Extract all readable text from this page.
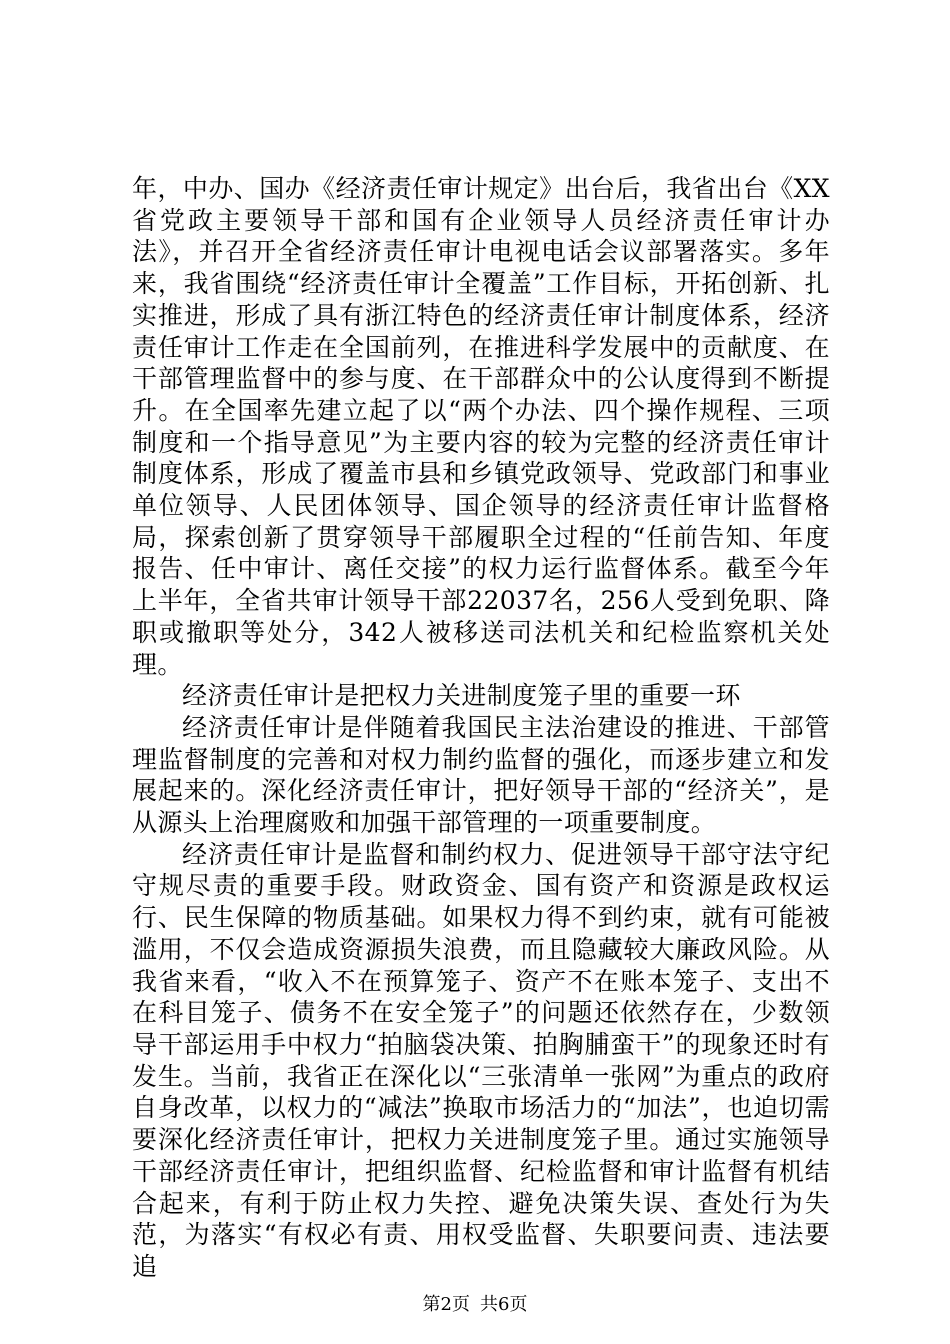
年，中办、国办《经济责任审计规定》出台后，我省出台《XX省党政主要领导干部和国有企业领导人员经济责任审计办法》，并召开全省经济责任审计电视电话会议部署落实。多年来，我省围绕“经济责任审计全覆盖”工作目标，开拓创新、扎实推进，形成了具有浙江特色的经济责任审计制度体系，经济责任审计工作走在全国前列，在推进科学发展中的贡献度、在干部管理监督中的参与度、在干部群众中的公认度得到不断提升。在全国率先建立起了以“两个办法、四个操作规程、三项制度和一个指导意见”为主要内容的较为完整的经济责任审计制度体系，形成了覆盖市县和乡镇党政领导、党政部门和事业单位领导、人民团体领导、国企领导的经济责任审计监督格局，探索创新了贯穿领导干部履职全过程的“任前告知、年度报告、任中审计、离任交接”的权力运行监督体系。截至今年上半年，全省共审计领导干部22037名，256人受到免职、降职或撤职等处分，342人被移送司法机关和纪检监察机关处理。

经济责任审计是把权力关进制度笼子里的重要一环

经济责任审计是伴随着我国民主法治建设的推进、干部管理监督制度的完善和对权力制约监督的强化，而逐步建立和发展起来的。深化经济责任审计，把好领导干部的“经济关”，是从源头上治理腐败和加强干部管理的一项重要制度。

经济责任审计是监督和制约权力、促进领导干部守法守纪守规尽责的重要手段。财政资金、国有资产和资源是政权运行、民生保障的物质基础。如果权力得不到约束，就有可能被滥用，不仅会造成资源损失浪费，而且隐藏较大廉政风险。从我省来看，“收入不在预算笼子、资产不在账本笼子、支出不在科目笼子、债务不在安全笼子”的问题还依然存在，少数领导干部运用手中权力“拍脑袋决策、拍胸脯蛮干”的现象还时有发生。当前，我省正在深化以“三张清单一张网”为重点的政府自身改革，以权力的“减法”换取市场活力的“加法”，也迫切需要深化经济责任审计，把权力关进制度笼子里。通过实施领导干部经济责任审计，把组织监督、纪检监督和审计监督有机结合起来，有利于防止权力失控、避免决策失误、查处行为失范，为落实“有权必有责、用权受监督、失职要问责、违法要追

第2页 共6页
